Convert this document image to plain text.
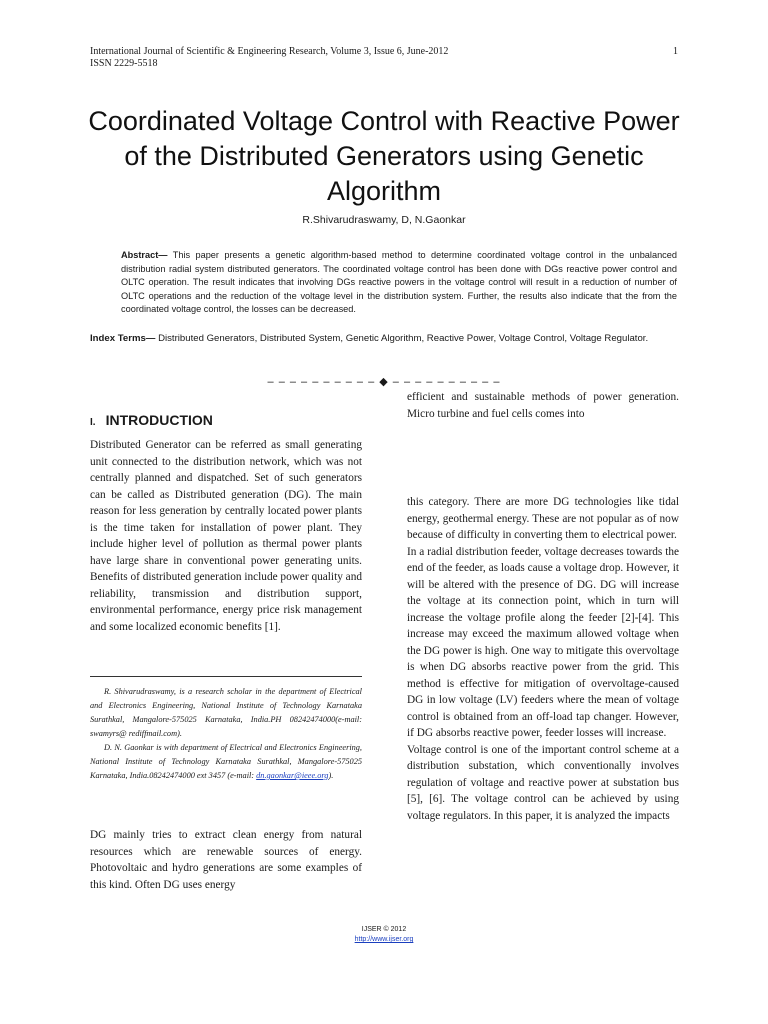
International Journal of Scientific & Engineering Research, Volume 3, Issue 6, June-2012
ISSN 2229-5518
1
Coordinated Voltage Control with Reactive Power of the Distributed Generators using Genetic Algorithm
R.Shivarudraswamy, D, N.Gaonkar
Abstract— This paper presents a genetic algorithm-based method to determine coordinated voltage control in the unbalanced distribution radial system distributed generators. The coordinated voltage control has been done with DGs reactive power control and OLTC operation. The result indicates that involving DGs reactive powers in the voltage control will result in a reduction of number of OLTC operations and the reduction of the voltage level in the distribution system. Further, the results also indicate that the from the coordinated voltage control, the losses can be decreased.
Index Terms— Distributed Generators, Distributed System, Genetic Algorithm, Reactive Power, Voltage Control, Voltage Regulator.
– – – – – – – – – – ◆ – – – – – – – – – –
I. INTRODUCTION
Distributed Generator can be referred as small generating unit connected to the distribution network, which was not centrally planned and dispatched. Set of such generators can be called as Distributed generation (DG). The main reason for less generation by centrally located power plants is the time taken for installation of power plant. They include higher level of pollution as thermal power plants have large share in conventional power generating units. Benefits of distributed generation include power quality and reliability, transmission and distribution support, environmental performance, energy price risk management and some localized economic benefits [1].

R. Shivarudraswamy, is a research scholar in the department of Electrical and Electronics Engineering, National Institute of Technology Karnataka Surathkal, Mangalore-575025 Karnataka, India.PH 08242474000(e-mail: swamyrs@ rediffmail.com).

D. N. Gaonkar is with department of Electrical and Electronics Engineering, National Institute of Technology Karnataka Surathkal, Mangalore-575025 Karnataka, India.08242474000 ext 3457 (e-mail: dn.gaonkar@ieee.org).

DG mainly tries to extract clean energy from natural resources which are renewable sources of energy. Photovoltaic and hydro generations are some examples of this kind. Often DG uses energy
efficient and sustainable methods of power generation. Micro turbine and fuel cells comes into

this category. There are more DG technologies like tidal energy, geothermal energy. These are not popular as of now because of difficulty in converting them to electrical power.

In a radial distribution feeder, voltage decreases towards the end of the feeder, as loads cause a voltage drop. However, it will be altered with the presence of DG. DG will increase the voltage at its connection point, which in turn will increase the voltage profile along the feeder [2]-[4]. This increase may exceed the maximum allowed voltage when the DG power is high. One way to mitigate this overvoltage is when DG absorbs reactive power from the grid. This method is effective for mitigation of overvoltage-caused DG in low voltage (LV) feeders where the mean of voltage control is obtained from an off-load tap changer. However, if DG absorbs reactive power, feeder losses will increase.

Voltage control is one of the important control scheme at a distribution substation, which conventionally involves regulation of voltage and reactive power at substation bus [5], [6]. The voltage control can be achieved by using voltage regulators. In this paper, it is analyzed the impacts

IJSER © 2012
http://www.ijser.org
